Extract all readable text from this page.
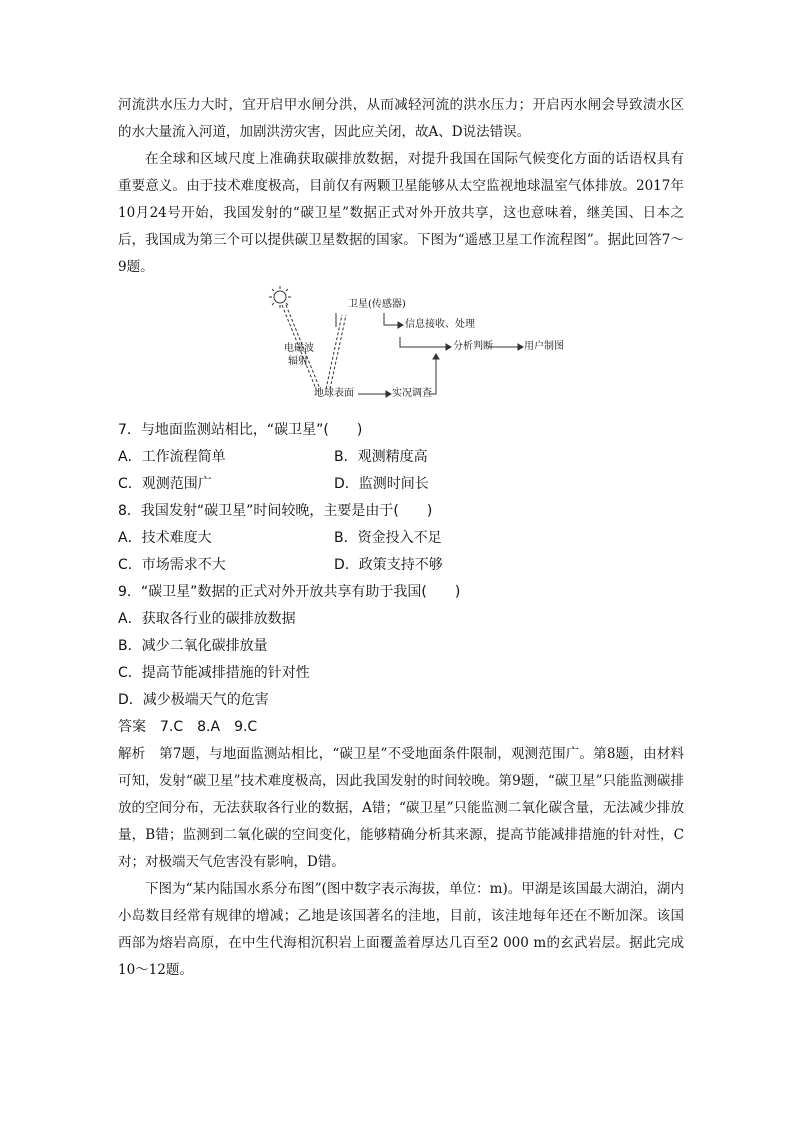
河流洪水压力大时，宜开启甲水闸分洪，从而减轻河流的洪水压力；开启丙水闸会导致渍水区的水大量流入河道，加剧洪涝灾害，因此应关闭，故A、D说法错误。

在全球和区域尺度上准确获取碳排放数据，对提升我国在国际气候变化方面的话语权具有重要意义。由于技术难度极高，目前仅有两颗卫星能够从太空监视地球温室气体排放。2017年10月24号开始，我国发射的“碳卫星”数据正式对外开放共享，这也意味着，继美国、日本之后，我国成为第三个可以提供碳卫星数据的国家。下图为“遥感卫星工作流程图”。据此回答7～9题。

卫星(传感器)
信息接收、处理
电磁波
辐射
分析判断	用户制图
地球表面	实况调查

7．与地面监测站相比，“碳卫星”(　　)

A．工作流程简单	B．观测精度高
C．观测范围广	D．监测时间长

8．我国发射“碳卫星”时间较晚，主要是由于(　　)

A．技术难度大	B．资金投入不足
C．市场需求不大	D．政策支持不够

9．“碳卫星”数据的正式对外开放共享有助于我国(　　)

A．获取各行业的碳排放数据

B．减少二氧化碳排放量

C．提高节能减排措施的针对性

D．减少极端天气的危害

答案　7.C　8.A　9.C

解析　第7题，与地面监测站相比，“碳卫星”不受地面条件限制，观测范围广。第8题，由材料可知，发射“碳卫星”技术难度极高，因此我国发射的时间较晚。第9题，“碳卫星”只能监测碳排放的空间分布，无法获取各行业的数据，A错；“碳卫星”只能监测二氧化碳含量，无法减少排放量，B错；监测到二氧化碳的空间变化，能够精确分析其来源，提高节能减排措施的针对性，C对；对极端天气危害没有影响，D错。

下图为“某内陆国水系分布图”(图中数字表示海拔，单位：m)。甲湖是该国最大湖泊，湖内小岛数目经常有规律的增减；乙地是该国著名的洼地，目前，该洼地每年还在不断加深。该国西部为熔岩高原，在中生代海相沉积岩上面覆盖着厚达几百至2 000 m的玄武岩层。据此完成10～12题。
